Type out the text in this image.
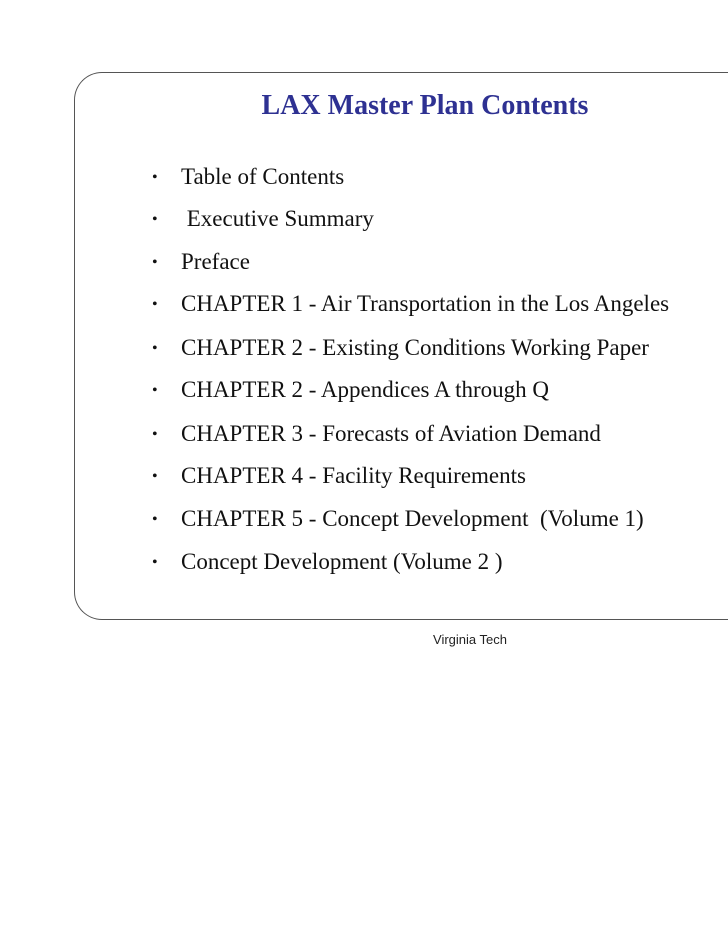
LAX Master Plan Contents
• Table of Contents
• Executive Summary
• Preface
• CHAPTER 1 - Air Transportation in the Los Angeles
• CHAPTER 2 - Existing Conditions Working Paper
• CHAPTER 2 - Appendices A through Q
• CHAPTER 3 - Forecasts of Aviation Demand
• CHAPTER 4 - Facility Requirements
• CHAPTER 5 - Concept Development  (Volume 1)
• Concept Development (Volume 2 )
Virginia Tech
